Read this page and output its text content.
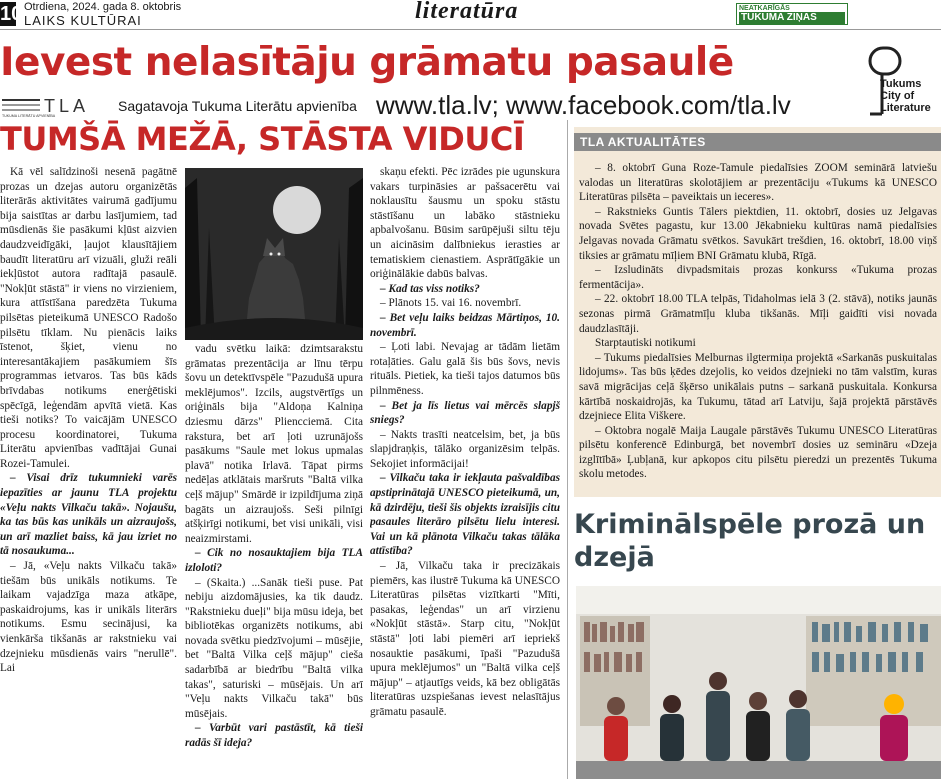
10 Otrdiena, 2024. gada 8. oktobris
LAIKS KULTŪRAI	literatūra	NEATKARĪGĀS
TUKUMA ZIŅAS
Ievest nelasītāju grāmatu pasaulē
TLA
TUKUMA LITERĀTU APVIENĪBA
Sagatavoja Tukuma Literātu apvienība www.tla.lv; www.facebook.com/tla.lv
Tukums
City of
Literature
TUMŠĀ MEŽĀ, STĀSTA VIDUCĪ

Kā vēl salīdzinoši nesenā pagātnē prozas un dzejas autoru organizētās literārās aktivitātes vairumā gadījumu bija saistītas ar darbu lasījumiem, tad mūsdienās šie pasākumi kļūst aizvien daudzveidīgāki, ļaujot klausītājiem baudīt literatūru arī vizuāli, gluži reāli iekļūstot autora radītajā pasaulē. "Nokļūt stāstā" ir viens no virzieniem, kura attīstīšana paredzēta Tukuma pilsētas pieteikumā UNESCO Radošo pilsētu tīklam. Nu pienācis laiks īstenot, šķiet, vienu no interesantākajiem pasākumiem šīs programmas ietvaros. Tas būs kāds brīvdabas notikums enerģētiski spēcīgā, leģendām apvītā vietā. Kas tieši notiks? To vaicājām UNESCO procesu koordinatorei, Tukuma Literātu apvienības vadītājai Gunai Rozei-Tamulei.

– Visai drīz tukumnieki varēs iepazīties ar jaunu TLA projektu «Veļu nakts Vilkaču takā». Nojaušu, ka tas būs kas unikāls un aizraujošs, un arī mazliet baiss, kā jau izriet no tā nosaukuma...

– Jā, «Veļu nakts Vilkaču takā» tiešām būs unikāls notikums. Te laikam vajadzīga maza atkāpe, paskaidrojums, kas ir unikāls literārs notikums. Esmu secinājusi, ka vienkārša tikšanās ar rakstnieku vai dzejnieku mūsdienās vairs "nerullē". Lai

vadu svētku laikā: dzimtsarakstu grāmatas prezentācija ar līnu tērpu šovu un detektīvspēle "Pazudušā upura meklējumos". Izcils, augstvērtīgs un oriģināls bija "Aldoņa Kalniņa dziesmu dārzs" Pliencciemā. Cita rakstura, bet arī ļoti uzrunājošs pasākums "Saule met lokus upmalas plavā" notika Irlavā. Tāpat pirms nedēļas atklātais maršruts "Baltā vilka ceļš mājup" Smārdē ir izpildījuma ziņā bagāts un aizraujošs. Seši pilnīgi atšķirīgi notikumi, bet visi unikāli, visi neaizmirstami.

– Cik no nosauktajiem bija TLA izloloti?

– (Skaita.) ...Sanāk tieši puse. Pat nebiju aizdomājusies, ka tik daudz. "Rakstnieku dueļi" bija mūsu ideja, bet bibliotēkas organizēts notikums, abi novada svētku piedzīvojumi – mūsējie, bet "Baltā Vilka ceļš mājup" cieša sadarbībā ar biedrību "Baltā vilka takas", saturiski – mūsējais. Un arī "Veļu nakts Vilkaču takā" būs mūsējais.

– Varbūt vari pastāstīt, kā tieši radās šī ideja?

skaņu efekti. Pēc izrādes pie ugunskura vakars turpināsies ar pašsacerētu vai noklausītu šausmu un spoku stāstu stāstīšanu un labāko stāstnieku apbalvošanu. Būsim sarūpējuši siltu tēju un aicināsim dalībniekus ierasties ar tematiskiem cienastiem. Asprātīgākie un oriģinālākie dabūs balvas.

– Kad tas viss notiks?

– Plānots 15. vai 16. novembrī.

– Bet veļu laiks beidzas Mārtiņos, 10. novembrī.

– Ļoti labi. Nevajag ar tādām lietām rotaļāties. Galu galā šis būs šovs, nevis rituāls. Pietiek, ka tieši tajos datumos būs pilnmēness.

– Bet ja līs lietus vai mērcēs slapjš sniegs?

– Nakts trasīti neatcelsim, bet, ja būs slapjdraņķis, tālāko organizēsim telpās. Sekojiet informācijai!

– Vilkaču taka ir iekļauta pašvaldības apstiprinātajā UNESCO pieteikumā, un, kā dzirdēju, tieši šis objekts izraisījis citu pasaules literāro pilsētu lielu interesi. Vai un kā plānota Vilkaču takas tālāka attīstība?

– Jā, Vilkaču taka ir precizākais piemērs, kas ilustrē Tukuma kā UNESCO Literatūras pilsētas vizītkarti "Mīti, pasakas, leģendas" un arī virzienu «Nokļūt stāstā». Starp citu, "Nokļūt stāstā" ļoti labi piemēri arī iepriekš nosauktie pasākumi, īpaši "Pazudušā upura meklējumos" un "Baltā vilka ceļš mājup" – atjautīgs veids, kā bez obligātās literatūras uzspiešanas ievest nelasītājus grāmatu pasaulē.

TLA AKTUALITĀTES

– 8. oktobrī Guna Roze-Tamule piedalīsies ZOOM seminārā latviešu valodas un literatūras skolotājiem ar prezentāciju «Tukums kā UNESCO Literatūras pilsēta – paveiktais un ieceres».

– Rakstnieks Guntis Tālers piektdien, 11. oktobrī, dosies uz Jelgavas novada Svētes pagastu, kur 13.00 Jēkabnieku kultūras namā piedalīsies Jelgavas novada Grāmatu svētkos. Savukārt trešdien, 16. oktobrī, 18.00 viņš tiksies ar grāmatu mīļiem BNI Grāmatu klubā, Rīgā.

– Izsludināts divpadsmitais prozas konkurss «Tukuma prozas fermentācija».

– 22. oktobrī 18.00 TLA telpās, Tidaholmas ielā 3 (2. stāvā), notiks jaunās sezonas pirmā Grāmatmīļu kluba tikšanās. Mīļi gaidīti visi novada daudzlasītāji.

Starptautiski notikumi

– Tukums piedalīsies Melburnas ilgtermiņa projektā «Sarkanās puskuitalas lidojums». Tas būs ķēdes dzejolis, ko veidos dzejnieki no tām valstīm, kuras savā migrācijas ceļā šķērso unikālais putns – sarkanā puskuitala. Konkursa kārtībā noskaidrojās, ka Tukumu, tātad arī Latviju, šajā projektā pārstāvēs dzejniece Elita Viškere.

– Oktobra nogalē Maija Laugale pārstāvēs Tukumu UNESCO Literatūras pilsētu konferencē Edinburgā, bet novembrī dosies uz semināru «Dzeja izglītībā» Ļubļanā, kur apkopos citu pilsētu pieredzi un prezentēs Tukuma skolu metodes.

Kriminālspēle prozā un dzejā
